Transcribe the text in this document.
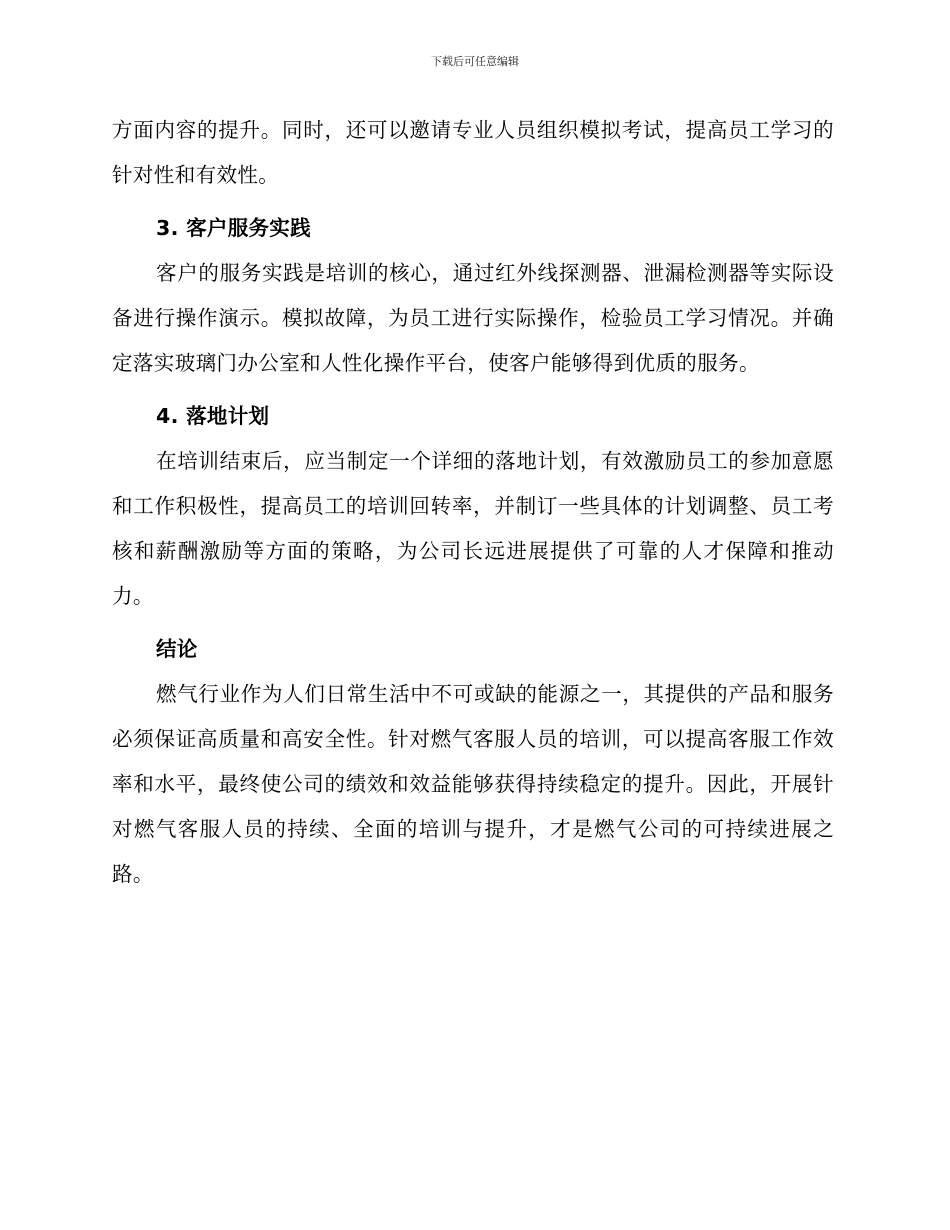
下载后可任意编辑

方面内容的提升。同时，还可以邀请专业人员组织模拟考试，提高员工学习的针对性和有效性。

3. 客户服务实践

客户的服务实践是培训的核心，通过红外线探测器、泄漏检测器等实际设备进行操作演示。模拟故障，为员工进行实际操作，检验员工学习情况。并确定落实玻璃门办公室和人性化操作平台，使客户能够得到优质的服务。

4. 落地计划

在培训结束后，应当制定一个详细的落地计划，有效激励员工的参加意愿和工作积极性，提高员工的培训回转率，并制订一些具体的计划调整、员工考核和薪酬激励等方面的策略，为公司长远进展提供了可靠的人才保障和推动力。

结论

燃气行业作为人们日常生活中不可或缺的能源之一，其提供的产品和服务必须保证高质量和高安全性。针对燃气客服人员的培训，可以提高客服工作效率和水平，最终使公司的绩效和效益能够获得持续稳定的提升。因此，开展针对燃气客服人员的持续、全面的培训与提升，才是燃气公司的可持续进展之路。
